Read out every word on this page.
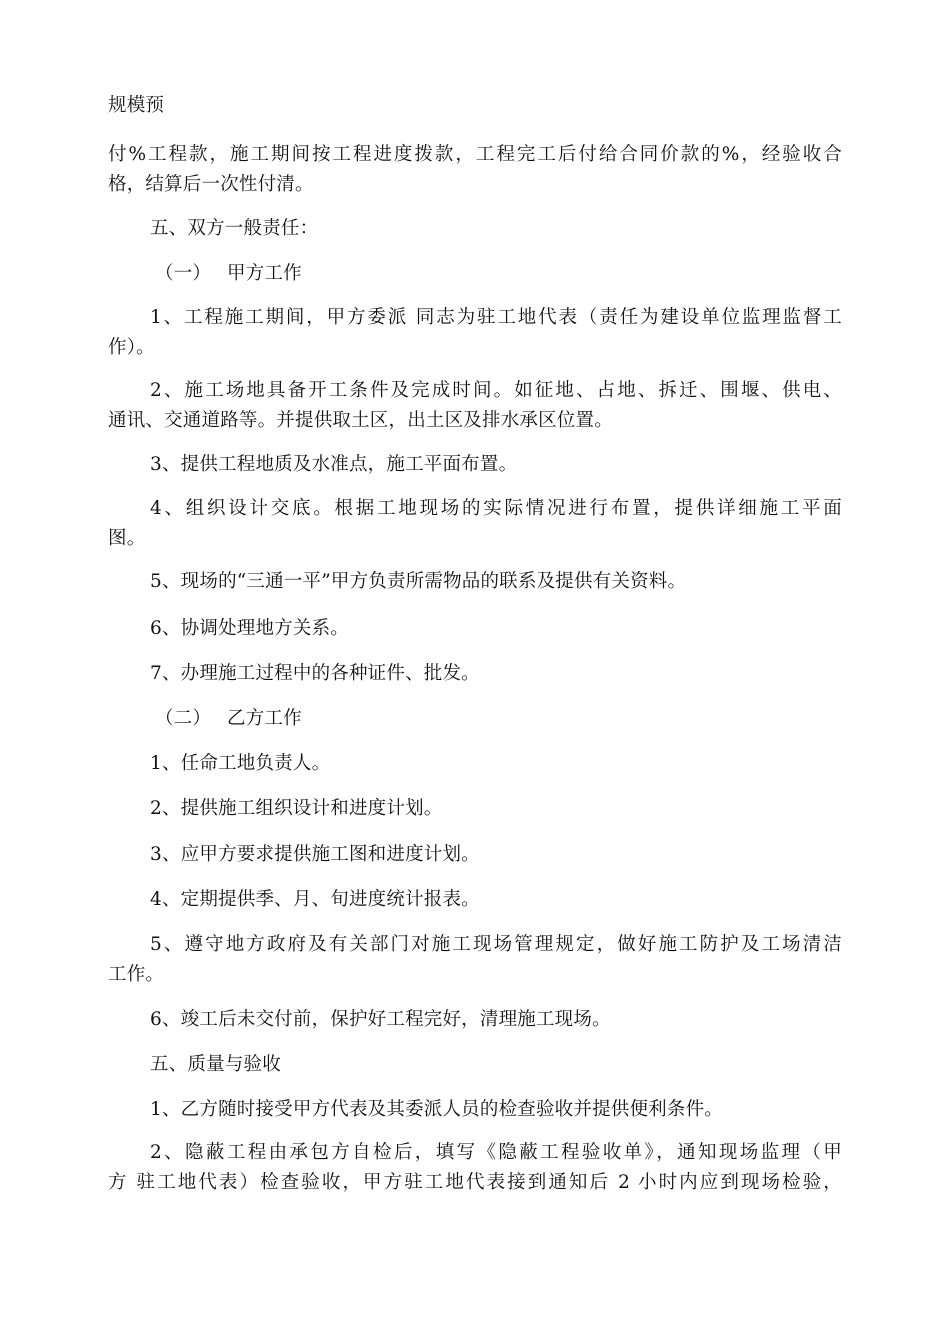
规模预
付%工程款，施工期间按工程进度拨款，工程完工后付给合同价款的%，经验收合
格，结算后一次性付清。
五、双方一般责任：
（一） 甲方工作
1、工程施工期间，甲方委派 同志为驻工地代表（责任为建设单位监理监督工
作）。
2、施工场地具备开工条件及完成时间。如征地、占地、拆迁、围堰、供电、
通讯、交通道路等。并提供取土区，出土区及排水承区位置。
3、提供工程地质及水准点，施工平面布置。
4、组织设计交底。根据工地现场的实际情况进行布置，提供详细施工平面
图。
5、现场的“三通一平”甲方负责所需物品的联系及提供有关资料。
6、协调处理地方关系。
7、办理施工过程中的各种证件、批发。
（二） 乙方工作
1、任命工地负责人。
2、提供施工组织设计和进度计划。
3、应甲方要求提供施工图和进度计划。
4、定期提供季、月、旬进度统计报表。
5、遵守地方政府及有关部门对施工现场管理规定，做好施工防护及工场清洁
工作。
6、竣工后未交付前，保护好工程完好，清理施工现场。
五、质量与验收
1、乙方随时接受甲方代表及其委派人员的检查验收并提供便利条件。
2、隐蔽工程由承包方自检后，填写《隐蔽工程验收单》，通知现场监理（甲
方 驻工地代表）检查验收，甲方驻工地代表接到通知后 2 小时内应到现场检验，
